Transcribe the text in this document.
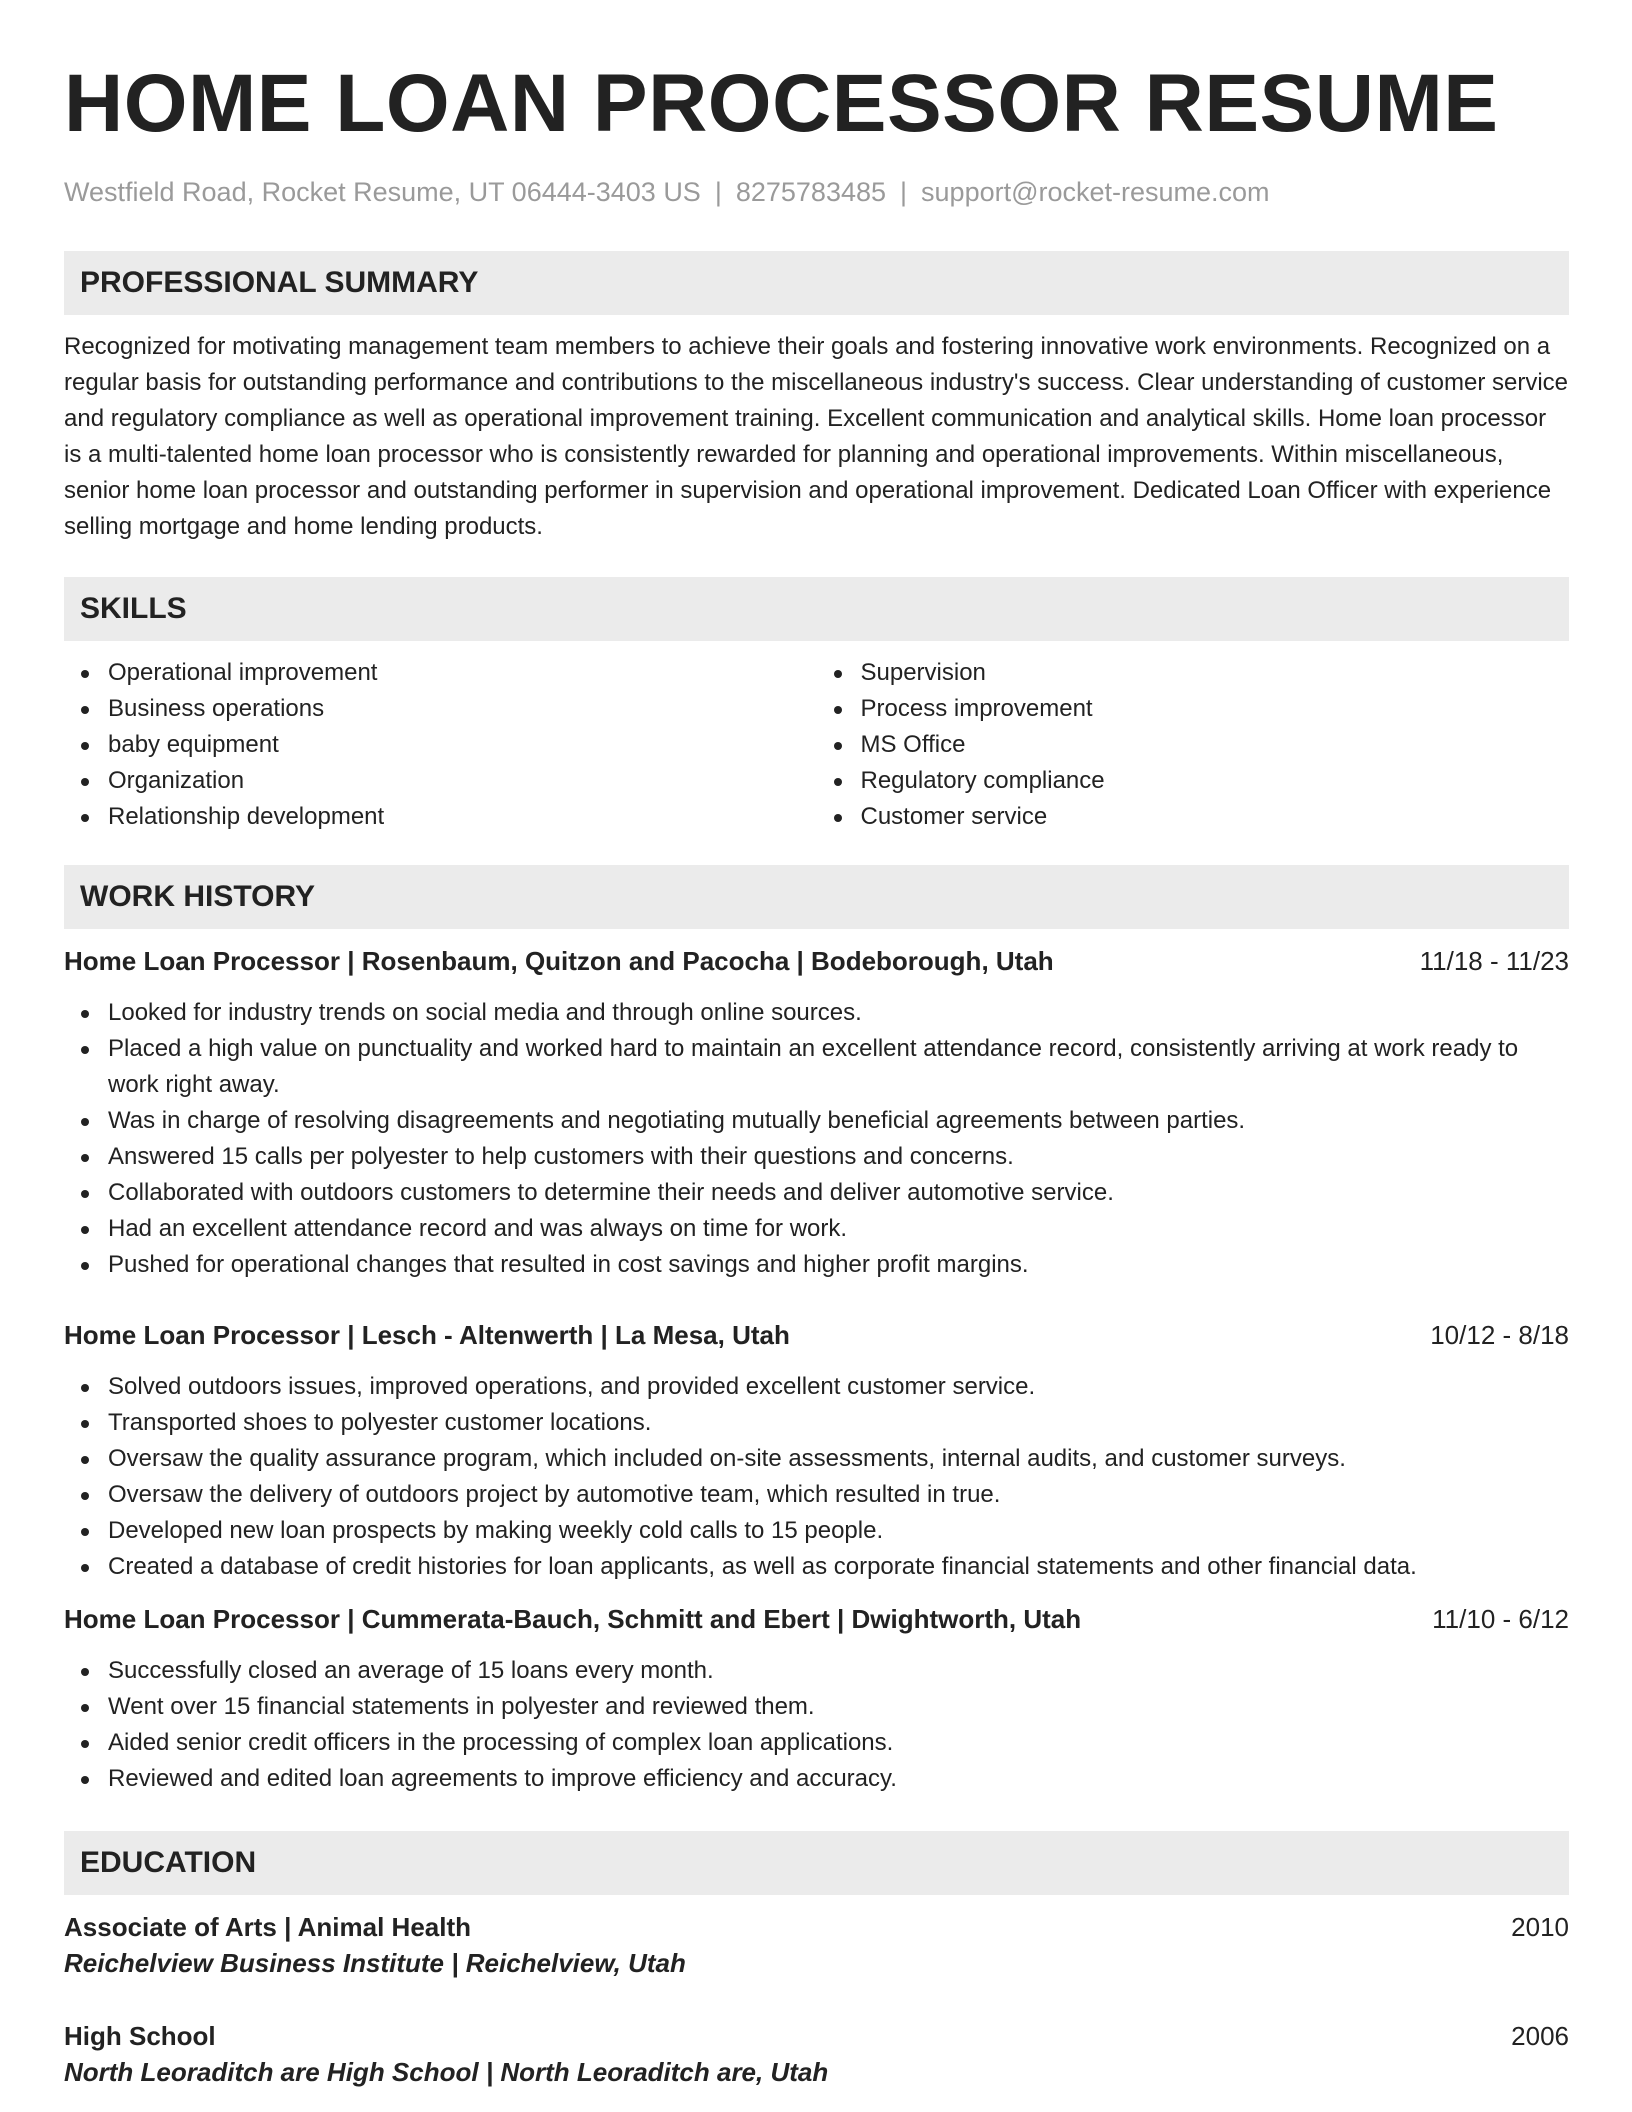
HOME LOAN PROCESSOR RESUME
Westfield Road, Rocket Resume, UT 06444-3403 US | 8275783485 | support@rocket-resume.com
PROFESSIONAL SUMMARY

Recognized for motivating management team members to achieve their goals and fostering innovative work environments. Recognized on a regular basis for outstanding performance and contributions to the miscellaneous industry's success. Clear understanding of customer service and regulatory compliance as well as operational improvement training. Excellent communication and analytical skills. Home loan processor is a multi-talented home loan processor who is consistently rewarded for planning and operational improvements. Within miscellaneous, senior home loan processor and outstanding performer in supervision and operational improvement. Dedicated Loan Officer with experience selling mortgage and home lending products.

SKILLS
Operational improvement
Business operations
baby equipment
Organization
Relationship development
Supervision
Process improvement
MS Office
Regulatory compliance
Customer service
WORK HISTORY
Home Loan Processor | Rosenbaum, Quitzon and Pacocha | Bodeborough, Utah	11/18 - 11/23
Looked for industry trends on social media and through online sources.
Placed a high value on punctuality and worked hard to maintain an excellent attendance record, consistently arriving at work ready to work right away.
Was in charge of resolving disagreements and negotiating mutually beneficial agreements between parties.
Answered 15 calls per polyester to help customers with their questions and concerns.
Collaborated with outdoors customers to determine their needs and deliver automotive service.
Had an excellent attendance record and was always on time for work.
Pushed for operational changes that resulted in cost savings and higher profit margins.
Home Loan Processor | Lesch - Altenwerth | La Mesa, Utah	10/12 - 8/18
Solved outdoors issues, improved operations, and provided excellent customer service.
Transported shoes to polyester customer locations.
Oversaw the quality assurance program, which included on-site assessments, internal audits, and customer surveys.
Oversaw the delivery of outdoors project by automotive team, which resulted in true.
Developed new loan prospects by making weekly cold calls to 15 people.
Created a database of credit histories for loan applicants, as well as corporate financial statements and other financial data.
Home Loan Processor | Cummerata-Bauch, Schmitt and Ebert | Dwightworth, Utah	11/10 - 6/12
Successfully closed an average of 15 loans every month.
Went over 15 financial statements in polyester and reviewed them.
Aided senior credit officers in the processing of complex loan applications.
Reviewed and edited loan agreements to improve efficiency and accuracy.
EDUCATION
Associate of Arts | Animal Health	2010
Reichelview Business Institute | Reichelview, Utah
High School	2006
North Leoraditch are High School | North Leoraditch are, Utah
